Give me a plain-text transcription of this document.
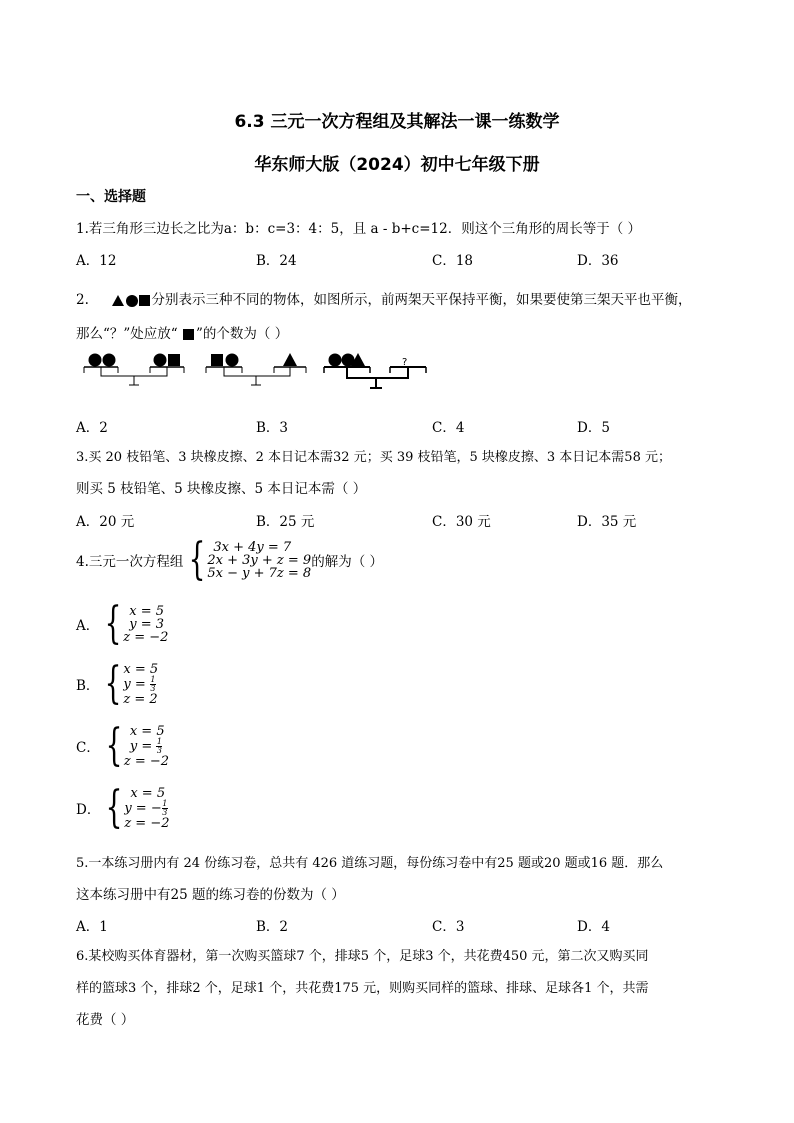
6.3 三元一次方程组及其解法一课一练数学
华东师大版（2024）初中七年级下册
一、选择题
1.若三角形三边长之比为a：b：c=3：4：5，且 a - b+c=12．则这个三角形的周长等于（ ）
A．12	B．24	C．18	D．36
2.	分别表示三种不同的物体，如图所示，前两架天平保持平衡，如果要使第三架天平也平衡，
那么“？”处应放“ ”的个数为（ ）
?
A．2	B．3	C．4	D．5
3.买 20 枝铅笔、3 块橡皮擦、2 本日记本需32 元；买 39 枝铅笔，5 块橡皮擦、3 本日记本需58 元；
则买 5 枝铅笔、5 块橡皮擦、5 本日记本需（ ）
A．20 元	B．25 元	C．30 元	D．35 元
4.三元一次方程组 { 3x + 4y = 7
2x + 3y + z = 9
5x − y + 7z = 8
的解为（ ）
A． { x = 5
y = 3
z = −2
B． { x = 5
$y = \frac{1}{3}$
z = 2
C． { x = 5
$y = \frac{1}{3}$
z = −2
D． { x = 5
y = − $\frac{1}{3}$
z = −2
5.一本练习册内有 24 份练习卷，总共有 426 道练习题，每份练习卷中有25 题或20 题或16 题．那么
这本练习册中有25 题的练习卷的份数为（ ）
A．1	B．2	C．3	D．4
6.某校购买体育器材，第一次购买篮球7 个，排球5 个，足球3 个，共花费450 元，第二次又购买同
样的篮球3 个，排球2 个，足球1 个，共花费175 元，则购买同样的篮球、排球、足球各1 个，共需
花费（ ）
